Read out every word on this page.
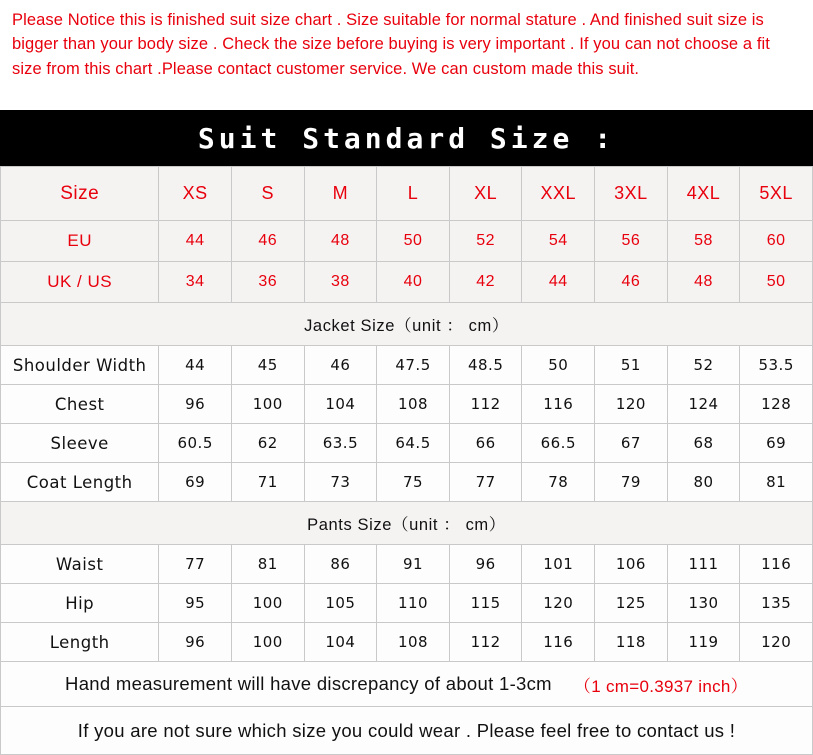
Please Notice this is finished suit size chart . Size suitable for normal stature . And finished suit size is bigger than your body size . Check the size before buying is very important . If you can not choose a fit size from this chart .Please contact customer service. We can custom made this suit.
Suit Standard Size :
Size	XS	S	M	L	XL	XXL	3XL	4XL	5XL
EU	44	46	48	50	52	54	56	58	60
UK / US	34	36	38	40	42	44	46	48	50
Jacket Size（unit ： cm）									
Shoulder Width	44	45	46	47.5	48.5	50	51	52	53.5
Chest	96	100	104	108	112	116	120	124	128
Sleeve	60.5	62	63.5	64.5	66	66.5	67	68	69
Coat Length	69	71	73	75	77	78	79	80	81
Pants Size（unit ： cm）									
Waist	77	81	86	91	96	101	106	111	116
Hip	95	100	105	110	115	120	125	130	135
Length	96	100	104	108	112	116	118	119	120
Hand measurement will have discrepancy of about 1-3cm （1 cm=0.3937 inch）
If you are not sure which size you could wear . Please feel free to contact us !
